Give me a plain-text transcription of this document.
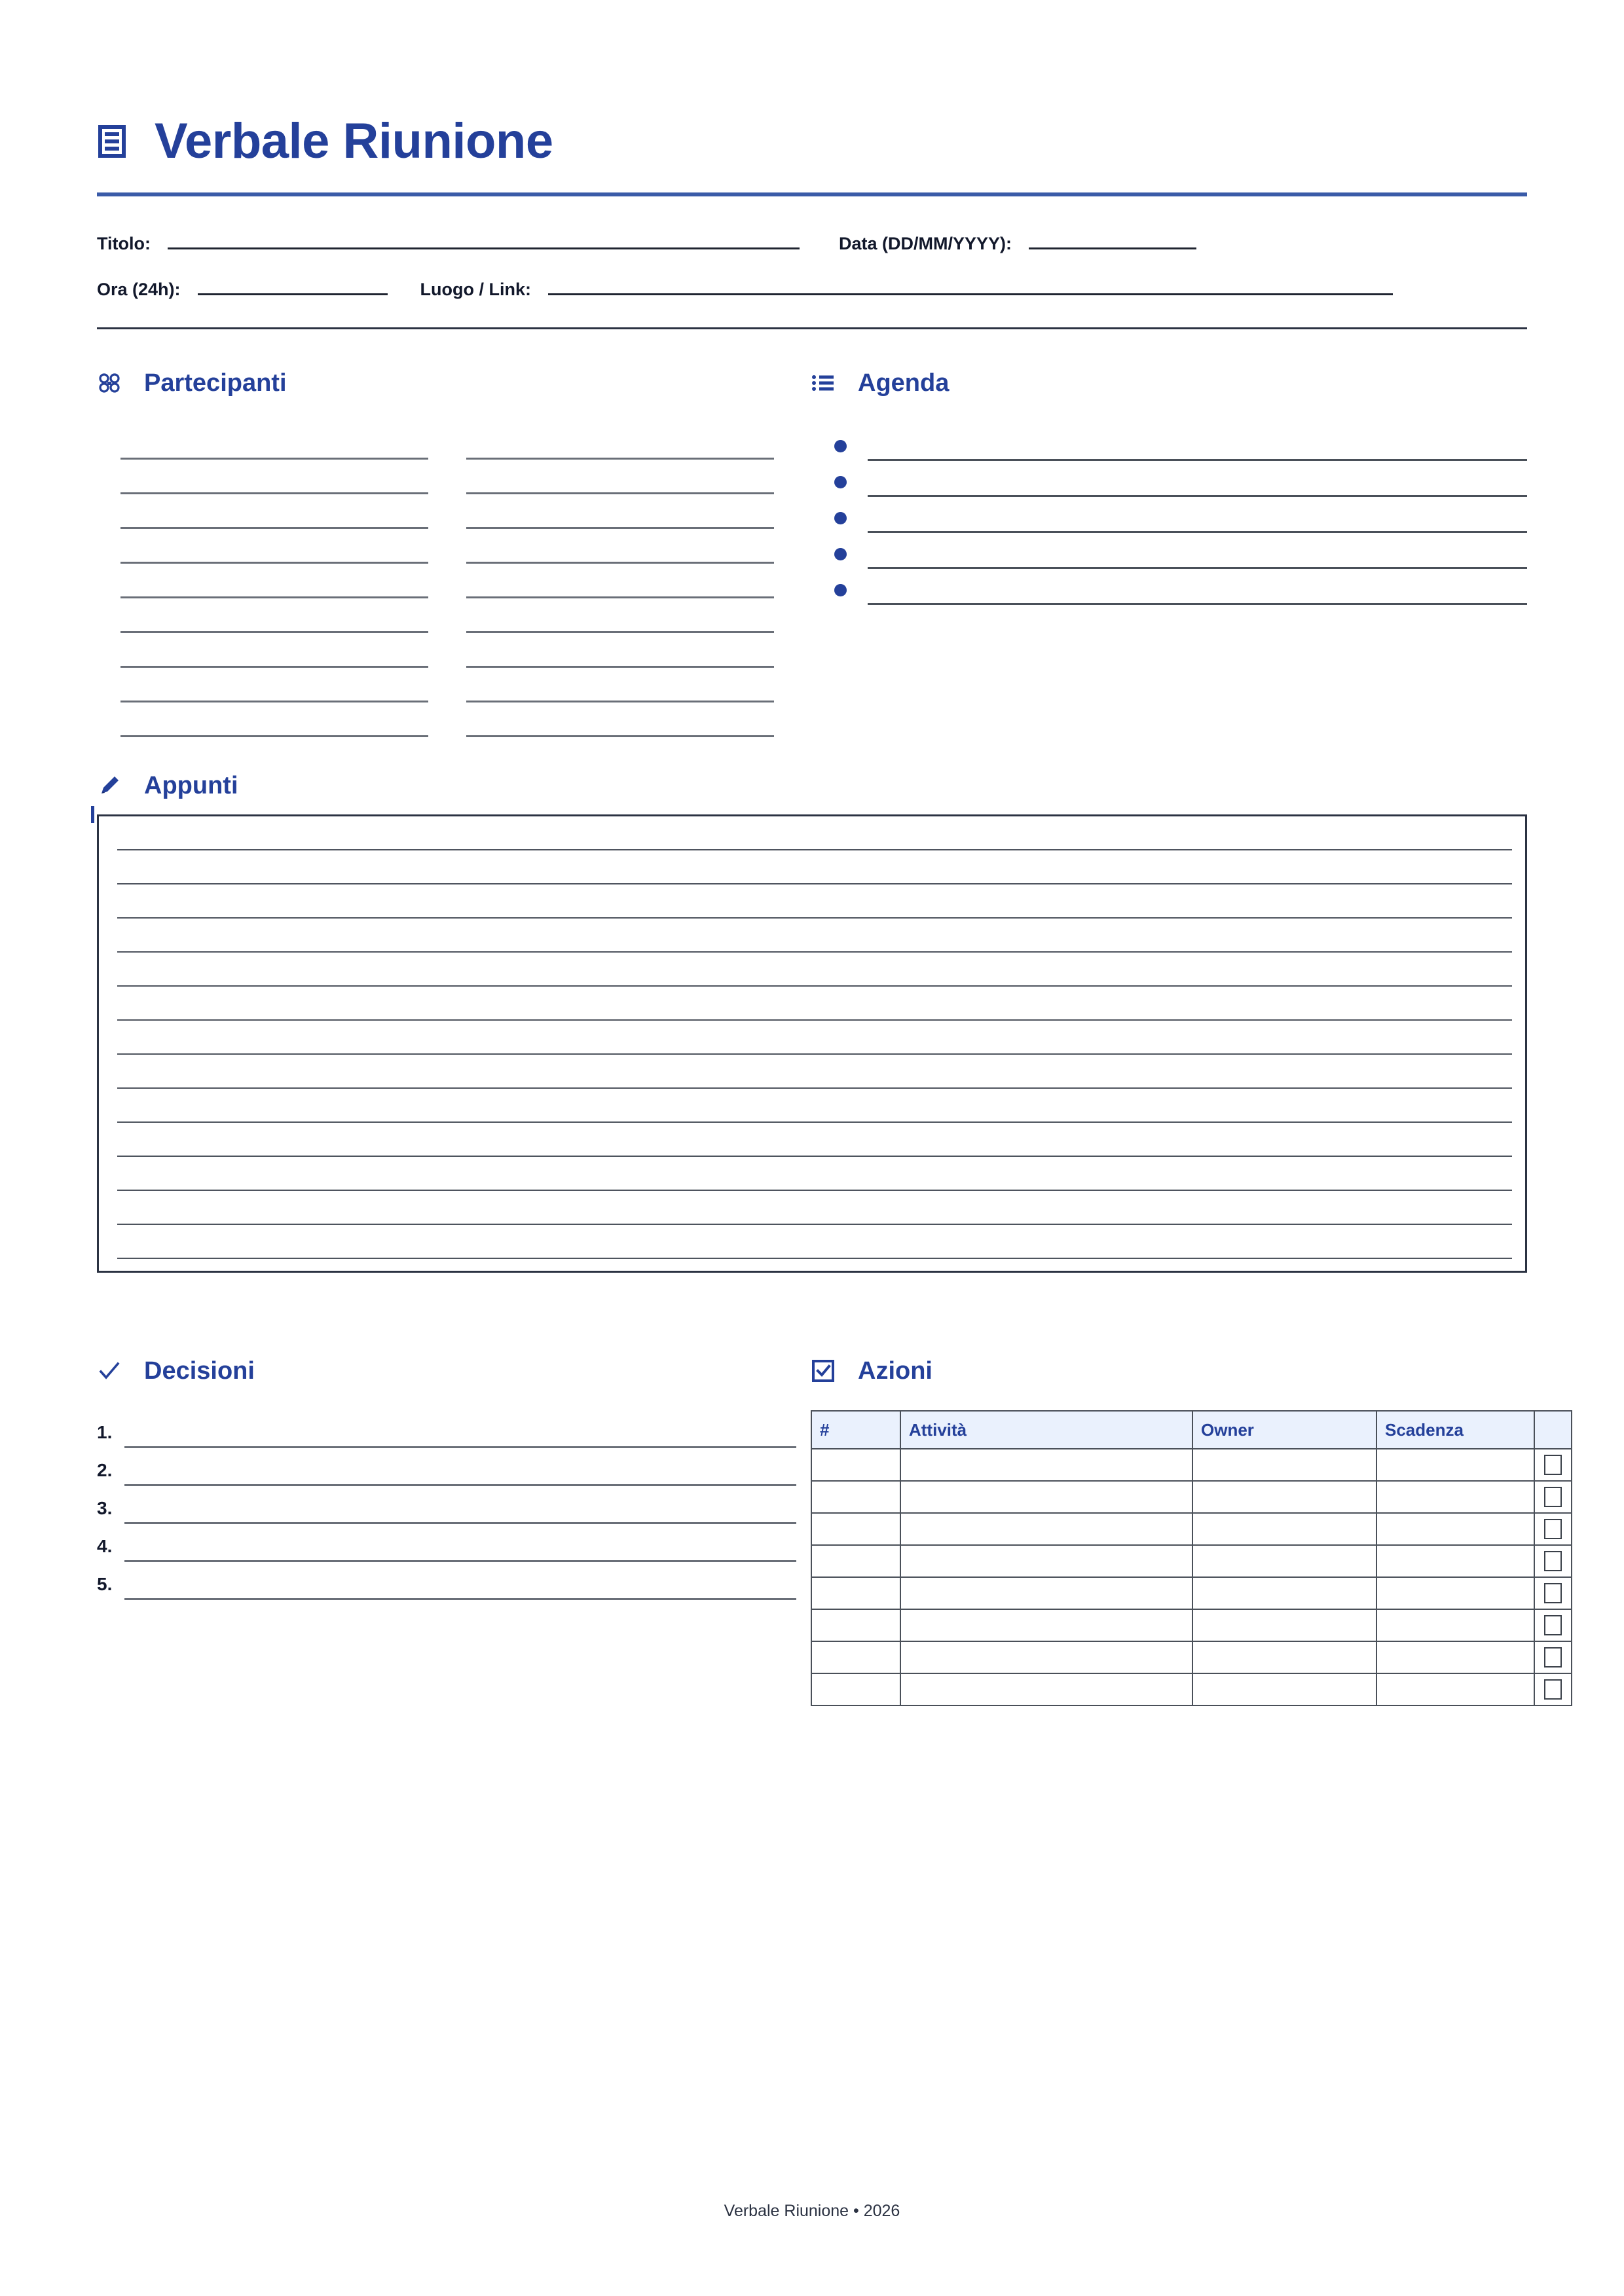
Verbale Riunione
Titolo:	Data (DD/MM/YYYY):
Ora (24h):	Luogo / Link:
Partecipanti	Agenda
Appunti
Decisioni
1.
2.
3.
4.
5.
Azioni
#	Attività	Owner	Scadenza	

Verbale Riunione • 2026
